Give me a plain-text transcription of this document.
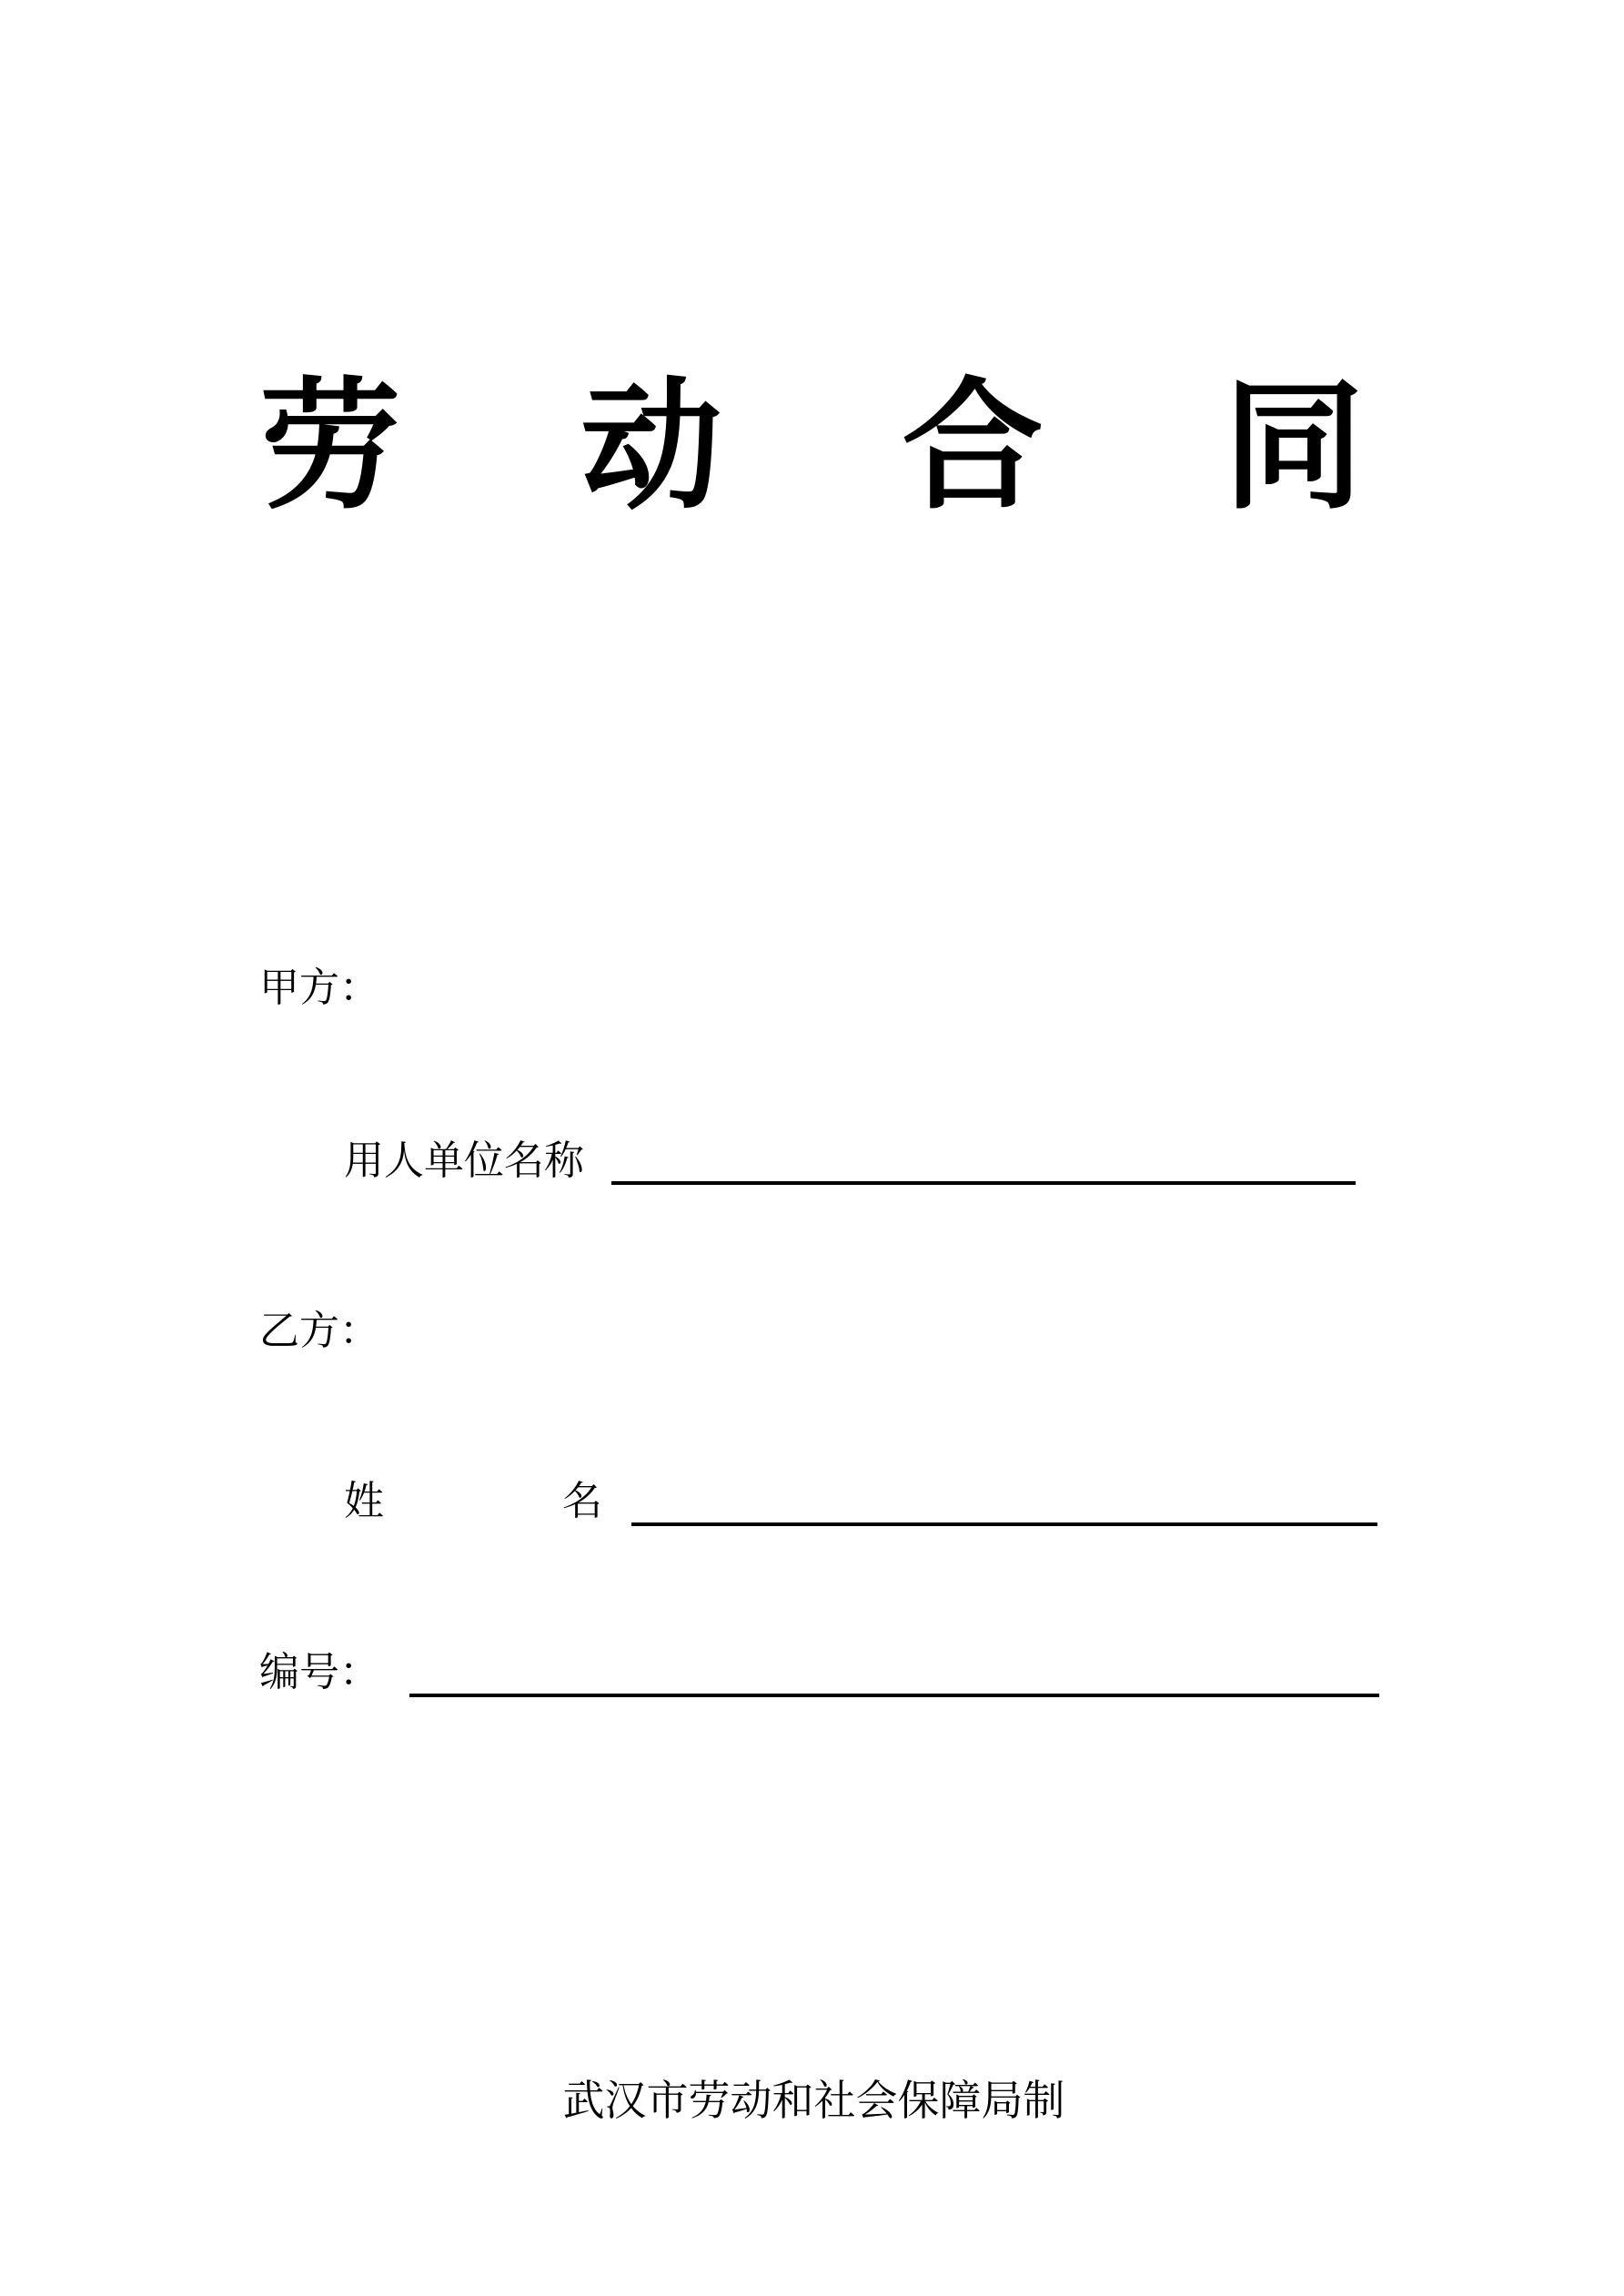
劳 动 合 同
甲方：
用人单位名称
乙方：
姓	名
编号：
武汉市劳动和社会保障局制
